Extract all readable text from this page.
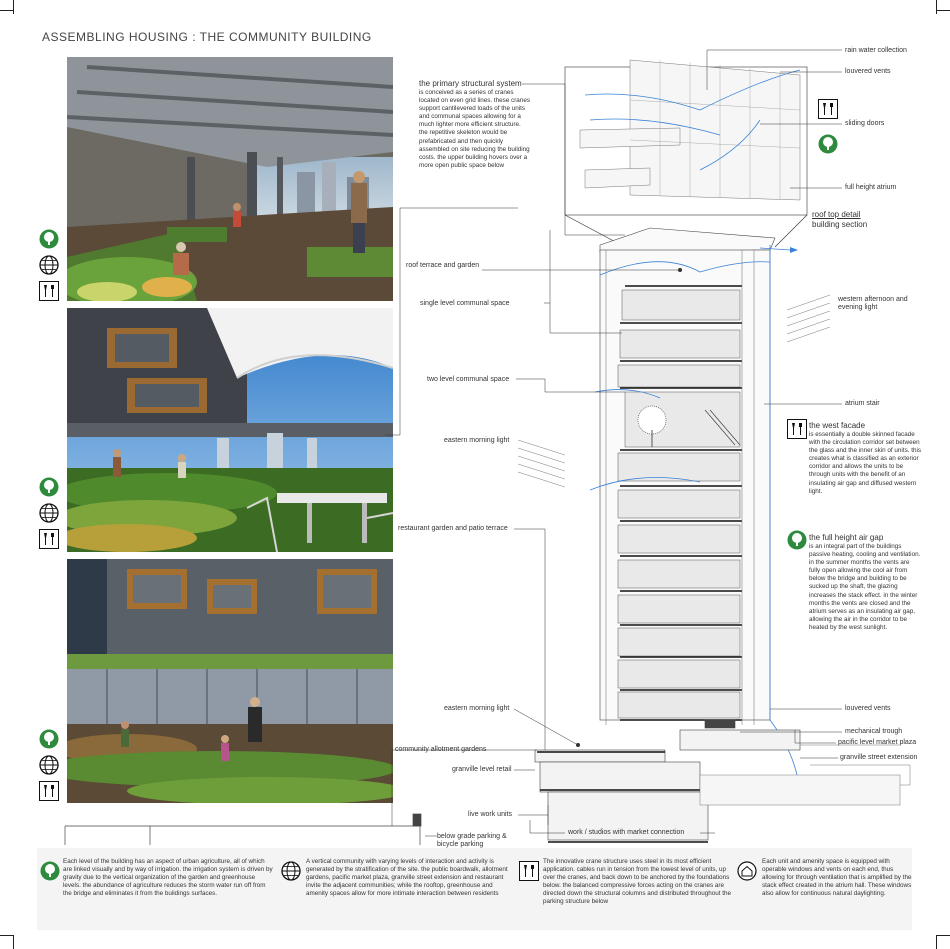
ASSEMBLING HOUSING : THE COMMUNITY BUILDING
rain water collection
louvered vents
sliding doors
full height atrium
roof top detail
building section
roof terrace and garden
single level communal space
western afternoon and
evening light
two level communal space
atrium stair
eastern morning light
restaurant garden and patio terrace
eastern morning light	louvered vents
mechanical trough
pacific level market plaza
community allotment gardens
granville street extension
granville level retail
live work units
work / studios with market connection
below grade parking &
bicycle parking
the primary structural system
is conceived as a series of cranes located on even grid lines. these cranes support cantilevered loads of the units and communal spaces allowing for a much lighter more efficient structure. the repetitive skeleton would be prefabricated and then quickly assembled on site reducing the building costs. the upper building hovers over a more open public space below
the west facade
is essentially a double skinned facade with the circulation corridor set between the glass and the inner skin of units. this creates what is classified as an exterior corridor and allows the units to be through units with the benefit of an insulating air gap and diffused western light.
the full height air gap
is an integral part of the buildings passive heating, cooling and ventilation. in the summer months the vents are fully open allowing the cool air from below the bridge and building to be sucked up the shaft, the glazing increases the stack effect. in the winter months the vents are closed and the atrium serves as an insulating air gap, allowing the air in the corridor to be heated by the west sunlight.
Each level of the building has an aspect of urban agriculture, all of which are linked visually and by way of irrigation. the irrigation system is driven by gravity due to the vertical organization of the garden and greenhouse levels. the abundance of agriculture reduces the storm water run off from the bridge and eliminates it from the buildings surfaces.
A vertical community with varying levels of interaction and activity is generated by the stratification of the site. the public boardwalk, allotment gardens, pacific market plaza, granville street extension and restaurant invite the adjacent communities; while the rooftop, greenhouse and amenity spaces allow for more intimate interaction between residents
The innovative crane structure uses steel in its most efficient application. cables run in tension from the lowest level of units, up over the cranes, and back down to be anchored by the foundations below. the balanced compressive forces acting on the cranes are directed down the structural columns and distributed throughout the parking structure below
Each unit and amenity space is equipped with operable windows and vents on each end, thus allowing for through ventilation that is amplified by the stack effect created in the atrium hall. These windows also allow for continuous natural daylighting.
